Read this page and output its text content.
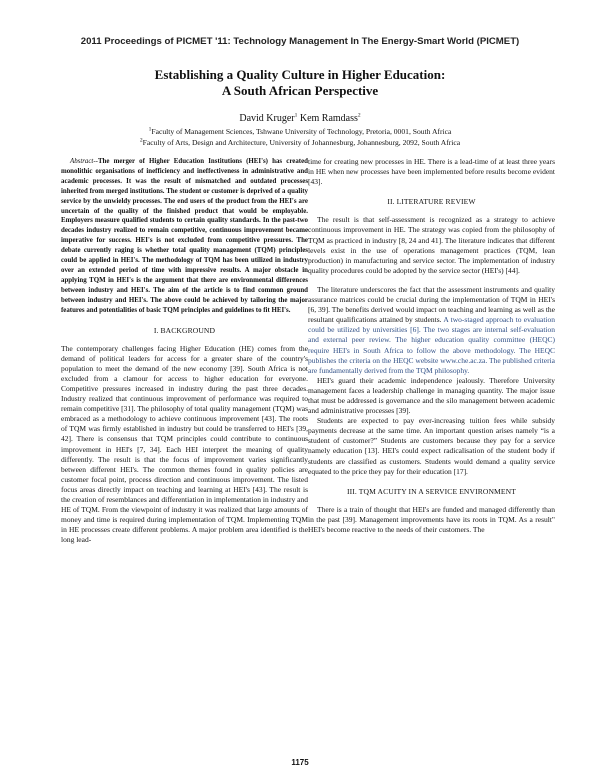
2011 Proceedings of PICMET '11: Technology Management In The Energy-Smart World (PICMET)
Establishing a Quality Culture in Higher Education:
A South African Perspective
David Kruger$^1$ Kem Ramdass$^2$
$^1$Faculty of Management Sciences, Tshwane University of Technology, Pretoria, 0001, South Africa
$^2$Faculty of Arts, Design and Architecture, University of Johannesburg, Johannesburg, 2092, South Africa

Abstract--The merger of Higher Education Institutions (HEI's) has created monolithic organisations of inefficiency and ineffectiveness in administrative and academic processes. It was the result of mismatched and outdated processes inherited from merged institutions. The student or customer is deprived of a quality service by the unwieldy processes. The end users of the product from the HEI's are uncertain of the quality of the finished product that would be employable. Employers measure qualified students to certain quality standards. In the past-two decades industry realized to remain competitive, continuous improvement became imperative for success. HEI's is not excluded from competitive pressures. The debate currently raging is whether total quality management (TQM) principles could be applied in HEI's. The methodology of TQM has been utilized in industry over an extended period of time with impressive results. A major obstacle in applying TQM in HEI's is the argument that there are environmental differences between industry and HEI's. The aim of the article is to find common ground between industry and HEI's. The above could be achieved by tailoring the major features and potentialities of basic TQM principles and guidelines to fit HEI's.

I. BACKGROUND

The contemporary challenges facing Higher Education (HE) comes from the demand of political leaders for access for a greater share of the country's population to meet the demand of the new economy [39]. South Africa is not excluded from a clamour for access to higher education for everyone. Competitive pressures increased in industry during the past three decades. Industry realized that continuous improvement of performance was required to remain competitive [31]. The philosophy of total quality management (TQM) was embraced as a methodology to achieve continuous improvement [43]. The roots of TQM was firmly established in industry but could be transferred to HEI's [39, 42]. There is consensus that TQM principles could contribute to continuous improvement in HEI's [7, 34]. Each HEI interpret the meaning of quality differently. The result is that the focus of improvement varies significantly between different HEI's. The common themes found in quality policies are customer focal point, process direction and continuous improvement. The listed focus areas directly impact on teaching and learning at HEI's [43]. The result is the creation of resemblances and differentiation in implementation in industry and HE of TQM. From the viewpoint of industry it was realized that large amounts of money and time is required during implementation of TQM. Implementing TQM in HE processes create different problems. A major problem area identified is the long lead-

time for creating new processes in HE. There is a lead-time of at least three years in HE when new processes have been implemented before results become evident [43].

II. LITERATURE REVIEW

The result is that self-assessment is recognized as a strategy to achieve continuous improvement in HE. The strategy was copied from the philosophy of TQM as practiced in industry [8, 24 and 41]. The literature indicates that different levels exist in the use of operations management practices (TQM, lean production) in manufacturing and service sector. The implementation of industry quality procedures could be adopted by the service sector (HEI's) [44].

The literature underscores the fact that the assessment instruments and quality assurance matrices could be crucial during the implementation of TQM in HEI's [6, 39]. The benefits derived would impact on teaching and learning as well as the resultant qualifications attained by students. A two-staged approach to evaluation could be utilized by universities [6]. The two stages are internal self-evaluation and external peer review. The higher education quality committee (HEQC) require HEI's in South Africa to follow the above methodology. The HEQC publishes the criteria on the HEQC website www.che.ac.za. The published criteria are fundamentally derived from the TQM philosophy.

HEI's guard their academic independence jealously. Therefore University management faces a leadership challenge in managing quantity. The major issue that must be addressed is governance and the silo management between academic and administrative processes [39].

Students are expected to pay ever-increasing tuition fees while subsidy payments decrease at the same time. An important question arises namely “is a student of customer?” Students are customers because they pay for a service namely education [13]. HEI's could expect radicalisation of the student body if students are classified as customers. Students would demand a quality service equated to the price they pay for their education [17].

III. TQM ACUITY IN A SERVICE ENVIRONMENT

There is a train of thought that HEI's are funded and managed differently than in the past [39]. Management improvements have its roots in TQM. As a result" HEI's become reactive to the needs of their customers. The

1175
